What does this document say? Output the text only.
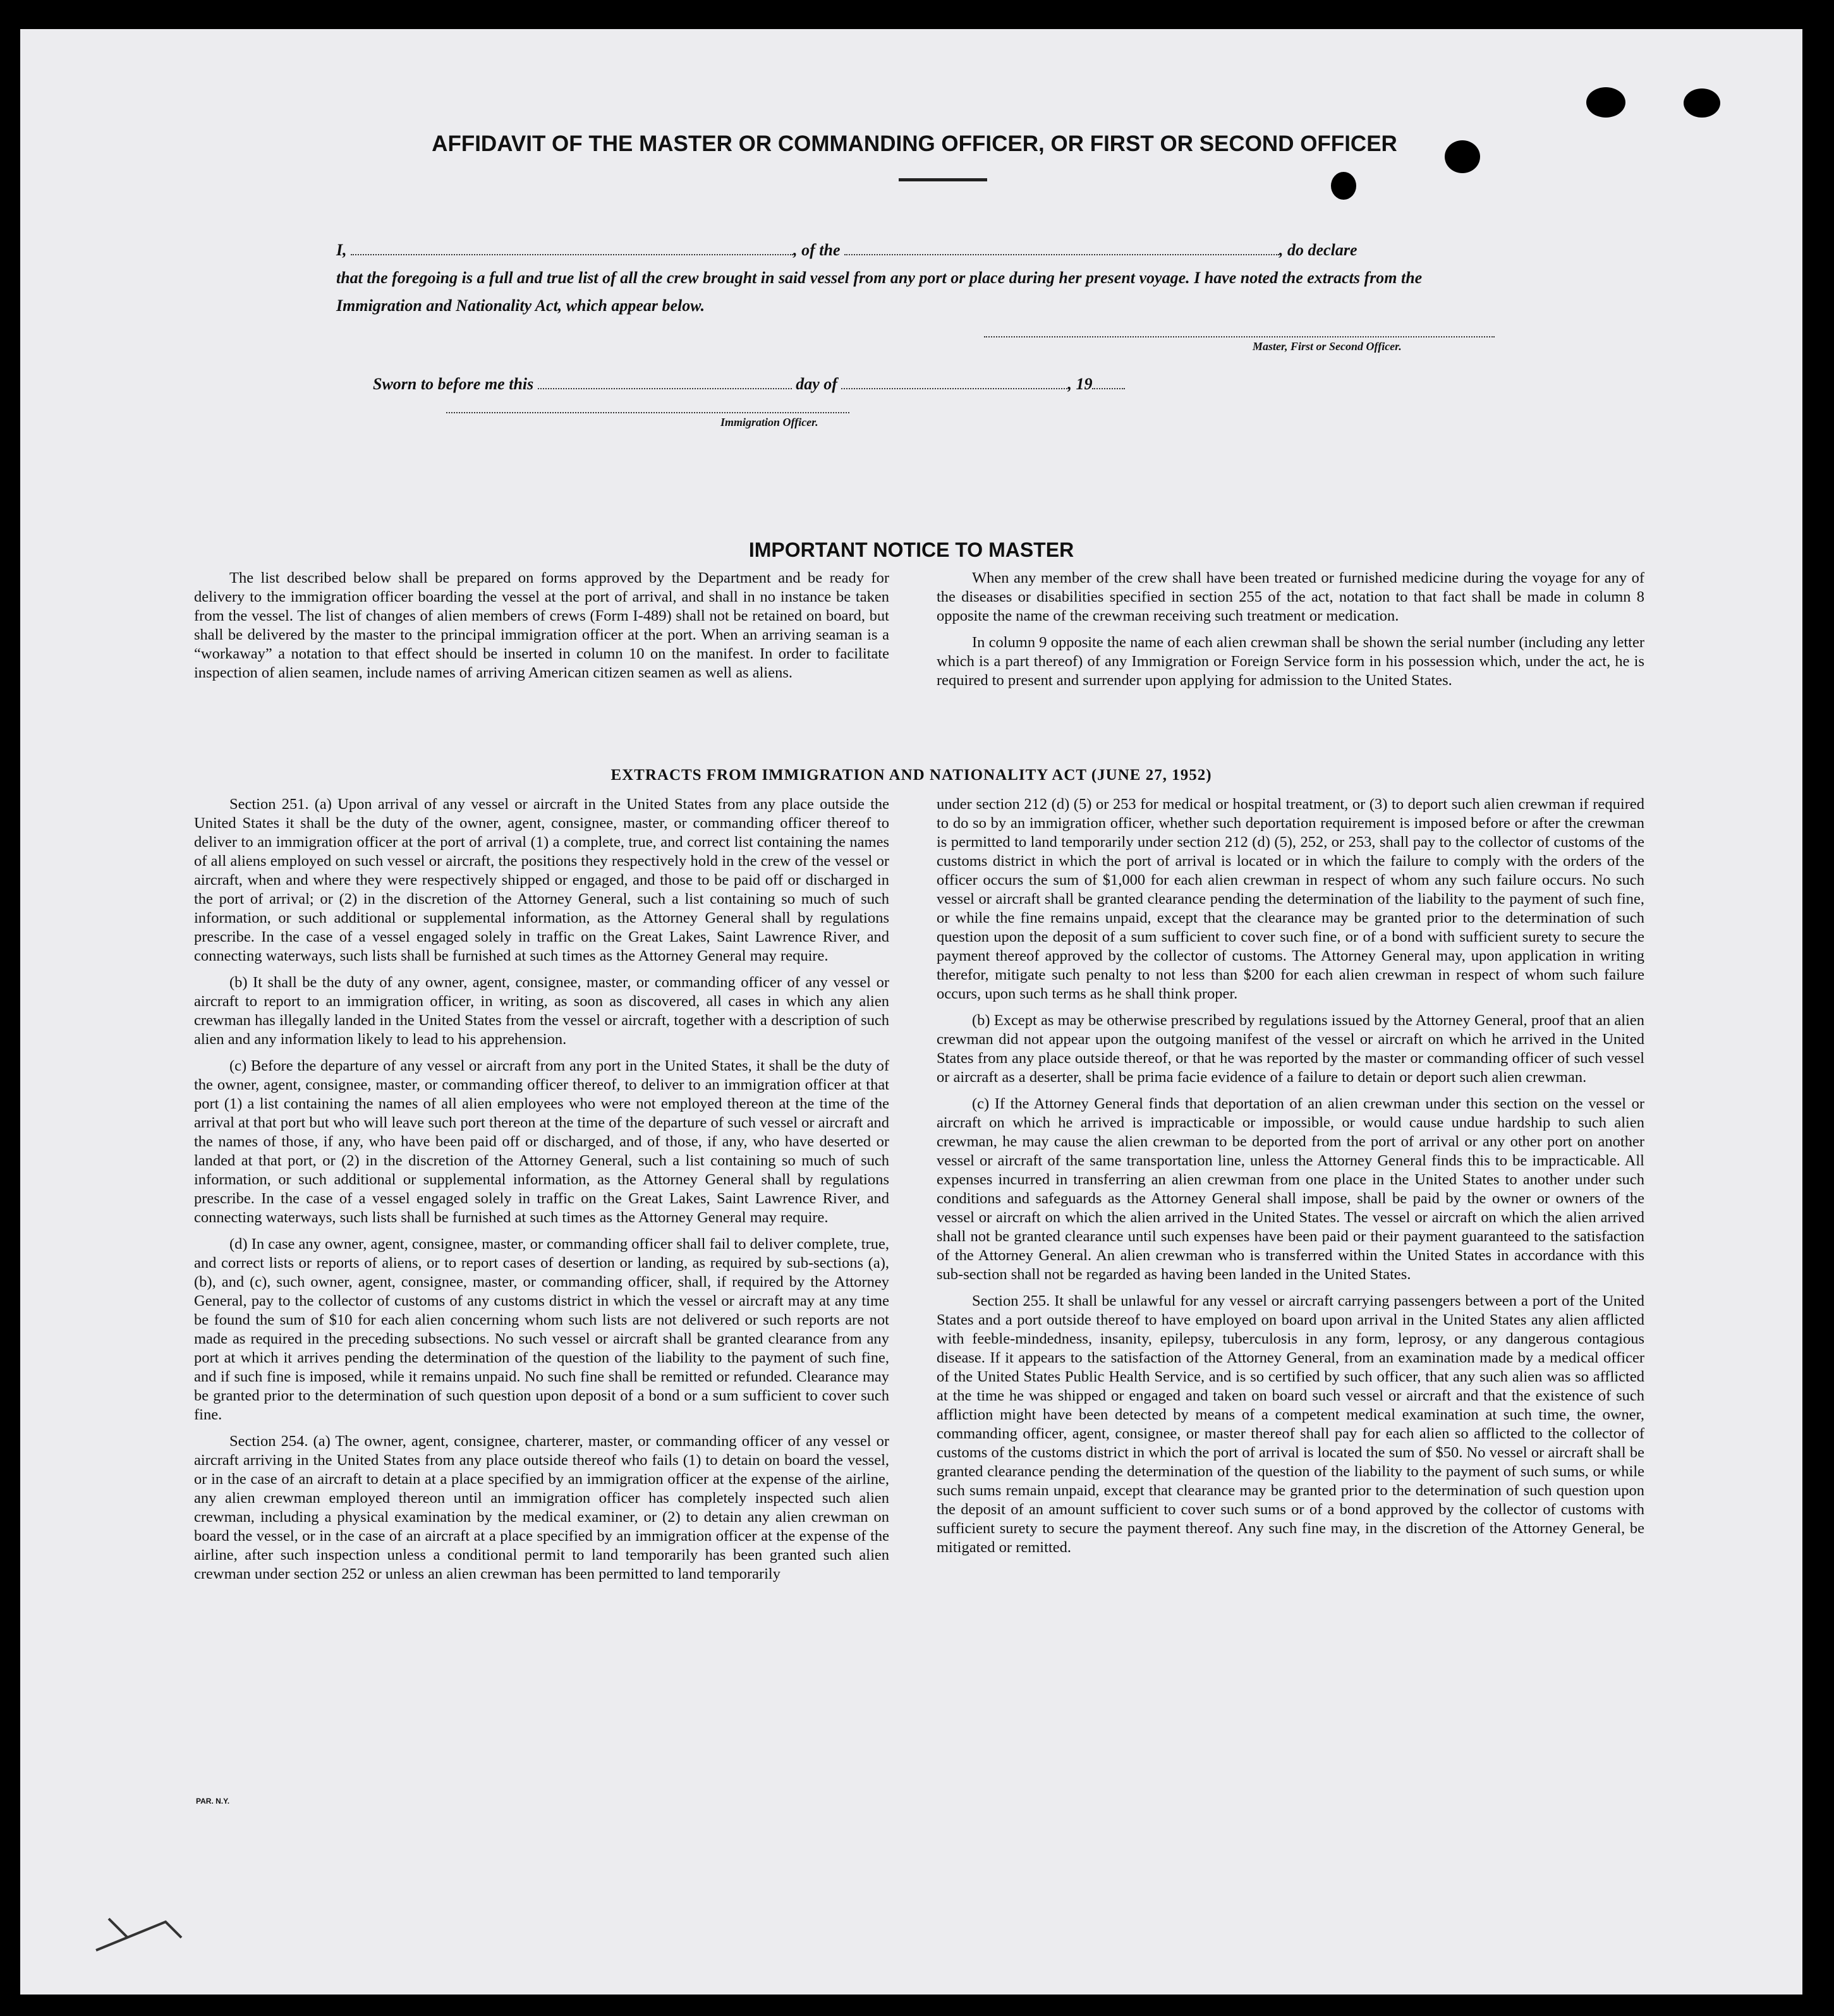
AFFIDAVIT OF THE MASTER OR COMMANDING OFFICER, OR FIRST OR SECOND OFFICER
I,	, of the	, do declare
that the foregoing is a full and true list of all the crew brought in said vessel from any port or place during her present voyage. I have noted the extracts from the Immigration and Nationality Act, which appear below.
Master, First or Second Officer.
Sworn to before me this	day of	, 19
Immigration Officer.
IMPORTANT NOTICE TO MASTER

The list described below shall be prepared on forms approved by the Department and be ready for delivery to the immigration officer boarding the vessel at the port of arrival, and shall in no instance be taken from the vessel. The list of changes of alien members of crews (Form I-489) shall not be retained on board, but shall be delivered by the master to the principal immigration officer at the port. When an arriving seaman is a “workaway” a notation to that effect should be inserted in column 10 on the manifest. In order to facilitate inspection of alien seamen, include names of arriving American citizen seamen as well as aliens.

When any member of the crew shall have been treated or furnished medicine during the voyage for any of the diseases or disabilities specified in section 255 of the act, notation to that fact shall be made in column 8 opposite the name of the crewman receiving such treatment or medication.

In column 9 opposite the name of each alien crewman shall be shown the serial number (including any letter which is a part thereof) of any Immigration or Foreign Service form in his possession which, under the act, he is required to present and surrender upon applying for admission to the United States.

EXTRACTS FROM IMMIGRATION AND NATIONALITY ACT (JUNE 27, 1952)

Section 251. (a) Upon arrival of any vessel or aircraft in the United States from any place outside the United States it shall be the duty of the owner, agent, consignee, master, or commanding officer thereof to deliver to an immigration officer at the port of arrival (1) a complete, true, and correct list containing the names of all aliens employed on such vessel or aircraft, the positions they respectively hold in the crew of the vessel or aircraft, when and where they were respectively shipped or engaged, and those to be paid off or discharged in the port of arrival; or (2) in the discretion of the Attorney General, such a list containing so much of such information, or such additional or supplemental information, as the Attorney General shall by regulations prescribe. In the case of a vessel engaged solely in traffic on the Great Lakes, Saint Lawrence River, and connecting waterways, such lists shall be furnished at such times as the Attorney General may require.

(b) It shall be the duty of any owner, agent, consignee, master, or commanding officer of any vessel or aircraft to report to an immigration officer, in writing, as soon as discovered, all cases in which any alien crewman has illegally landed in the United States from the vessel or aircraft, together with a description of such alien and any information likely to lead to his apprehension.

(c) Before the departure of any vessel or aircraft from any port in the United States, it shall be the duty of the owner, agent, consignee, master, or commanding officer thereof, to deliver to an immigration officer at that port (1) a list containing the names of all alien employees who were not employed thereon at the time of the arrival at that port but who will leave such port thereon at the time of the departure of such vessel or aircraft and the names of those, if any, who have been paid off or discharged, and of those, if any, who have deserted or landed at that port, or (2) in the discretion of the Attorney General, such a list containing so much of such information, or such additional or supplemental information, as the Attorney General shall by regulations prescribe. In the case of a vessel engaged solely in traffic on the Great Lakes, Saint Lawrence River, and connecting waterways, such lists shall be furnished at such times as the Attorney General may require.

(d) In case any owner, agent, consignee, master, or commanding officer shall fail to deliver complete, true, and correct lists or reports of aliens, or to report cases of desertion or landing, as required by sub-sections (a), (b), and (c), such owner, agent, consignee, master, or commanding officer, shall, if required by the Attorney General, pay to the collector of customs of any customs district in which the vessel or aircraft may at any time be found the sum of $10 for each alien concerning whom such lists are not delivered or such reports are not made as required in the preceding subsections. No such vessel or aircraft shall be granted clearance from any port at which it arrives pending the determination of the question of the liability to the payment of such fine, and if such fine is imposed, while it remains unpaid. No such fine shall be remitted or refunded. Clearance may be granted prior to the determination of such question upon deposit of a bond or a sum sufficient to cover such fine.

Section 254. (a) The owner, agent, consignee, charterer, master, or commanding officer of any vessel or aircraft arriving in the United States from any place outside thereof who fails (1) to detain on board the vessel, or in the case of an aircraft to detain at a place specified by an immigration officer at the expense of the airline, any alien crewman employed thereon until an immigration officer has completely inspected such alien crewman, including a physical examination by the medical examiner, or (2) to detain any alien crewman on board the vessel, or in the case of an aircraft at a place specified by an immigration officer at the expense of the airline, after such inspection unless a conditional permit to land temporarily has been granted such alien crewman under section 252 or unless an alien crewman has been permitted to land temporarily

under section 212 (d) (5) or 253 for medical or hospital treatment, or (3) to deport such alien crewman if required to do so by an immigration officer, whether such deportation requirement is imposed before or after the crewman is permitted to land temporarily under section 212 (d) (5), 252, or 253, shall pay to the collector of customs of the customs district in which the port of arrival is located or in which the failure to comply with the orders of the officer occurs the sum of $1,000 for each alien crewman in respect of whom any such failure occurs. No such vessel or aircraft shall be granted clearance pending the determination of the liability to the payment of such fine, or while the fine remains unpaid, except that the clearance may be granted prior to the determination of such question upon the deposit of a sum sufficient to cover such fine, or of a bond with sufficient surety to secure the payment thereof approved by the collector of customs. The Attorney General may, upon application in writing therefor, mitigate such penalty to not less than $200 for each alien crewman in respect of whom such failure occurs, upon such terms as he shall think proper.

(b) Except as may be otherwise prescribed by regulations issued by the Attorney General, proof that an alien crewman did not appear upon the outgoing manifest of the vessel or aircraft on which he arrived in the United States from any place outside thereof, or that he was reported by the master or commanding officer of such vessel or aircraft as a deserter, shall be prima facie evidence of a failure to detain or deport such alien crewman.

(c) If the Attorney General finds that deportation of an alien crewman under this section on the vessel or aircraft on which he arrived is impracticable or impossible, or would cause undue hardship to such alien crewman, he may cause the alien crewman to be deported from the port of arrival or any other port on another vessel or aircraft of the same transportation line, unless the Attorney General finds this to be impracticable. All expenses incurred in transferring an alien crewman from one place in the United States to another under such conditions and safeguards as the Attorney General shall impose, shall be paid by the owner or owners of the vessel or aircraft on which the alien arrived in the United States. The vessel or aircraft on which the alien arrived shall not be granted clearance until such expenses have been paid or their payment guaranteed to the satisfaction of the Attorney General. An alien crewman who is transferred within the United States in accordance with this sub-section shall not be regarded as having been landed in the United States.

Section 255. It shall be unlawful for any vessel or aircraft carrying passengers between a port of the United States and a port outside thereof to have employed on board upon arrival in the United States any alien afflicted with feeble-mindedness, insanity, epilepsy, tuberculosis in any form, leprosy, or any dangerous contagious disease. If it appears to the satisfaction of the Attorney General, from an examination made by a medical officer of the United States Public Health Service, and is so certified by such officer, that any such alien was so afflicted at the time he was shipped or engaged and taken on board such vessel or aircraft and that the existence of such affliction might have been detected by means of a competent medical examination at such time, the owner, commanding officer, agent, consignee, or master thereof shall pay for each alien so afflicted to the collector of customs of the customs district in which the port of arrival is located the sum of $50. No vessel or aircraft shall be granted clearance pending the determination of the question of the liability to the payment of such sums, or while such sums remain unpaid, except that clearance may be granted prior to the determination of such question upon the deposit of an amount sufficient to cover such sums or of a bond approved by the collector of customs with sufficient surety to secure the payment thereof. Any such fine may, in the discretion of the Attorney General, be mitigated or remitted.

PAR. N.Y.
